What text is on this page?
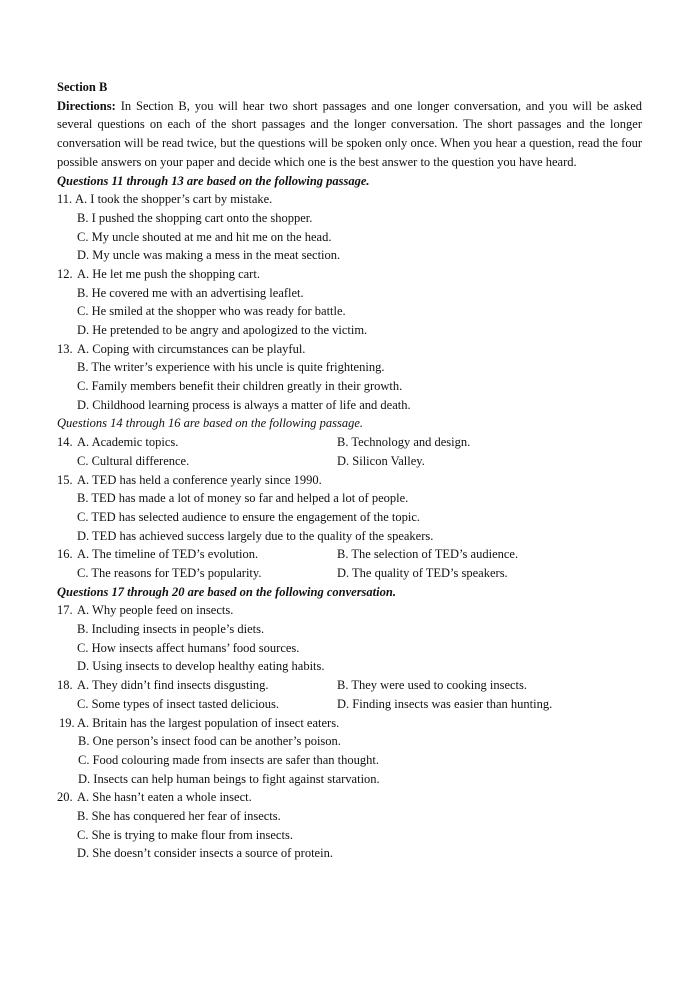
Section B
Directions: In Section B, you will hear two short passages and one longer conversation, and you will be asked several questions on each of the short passages and the longer conversation. The short passages and the longer conversation will be read twice, but the questions will be spoken only once. When you hear a question, read the four possible answers on your paper and decide which one is the best answer to the question you have heard.
Questions 11 through 13 are based on the following passage.
11. A. I took the shopper’s cart by mistake.
B. I pushed the shopping cart onto the shopper.
C. My uncle shouted at me and hit me on the head.
D. My uncle was making a mess in the meat section.
12. A. He let me push the shopping cart.
B. He covered me with an advertising leaflet.
C. He smiled at the shopper who was ready for battle.
D. He pretended to be angry and apologized to the victim.
13. A. Coping with circumstances can be playful.
B. The writer’s experience with his uncle is quite frightening.
C. Family members benefit their children greatly in their growth.
D. Childhood learning process is always a matter of life and death.
Questions 14 through 16 are based on the following passage.
14. A. Academic topics.	B. Technology and design.
C. Cultural difference.	D. Silicon Valley.
15. A. TED has held a conference yearly since 1990.
B. TED has made a lot of money so far and helped a lot of people.
C. TED has selected audience to ensure the engagement of the topic.
D. TED has achieved success largely due to the quality of the speakers.
16. A. The timeline of TED’s evolution.	B. The selection of TED’s audience.
C. The reasons for TED’s popularity.	D. The quality of TED’s speakers.
Questions 17 through 20 are based on the following conversation.
17. A. Why people feed on insects.
B. Including insects in people’s diets.
C. How insects affect humans’ food sources.
D. Using insects to develop healthy eating habits.
18. A. They didn’t find insects disgusting.	B. They were used to cooking insects.
C. Some types of insect tasted delicious.	D. Finding insects was easier than hunting.
19. A. Britain has the largest population of insect eaters.
B. One person’s insect food can be another’s poison.
C. Food colouring made from insects are safer than thought.
D. Insects can help human beings to fight against starvation.
20. A. She hasn’t eaten a whole insect.
B. She has conquered her fear of insects.
C. She is trying to make flour from insects.
D. She doesn’t consider insects a source of protein.
